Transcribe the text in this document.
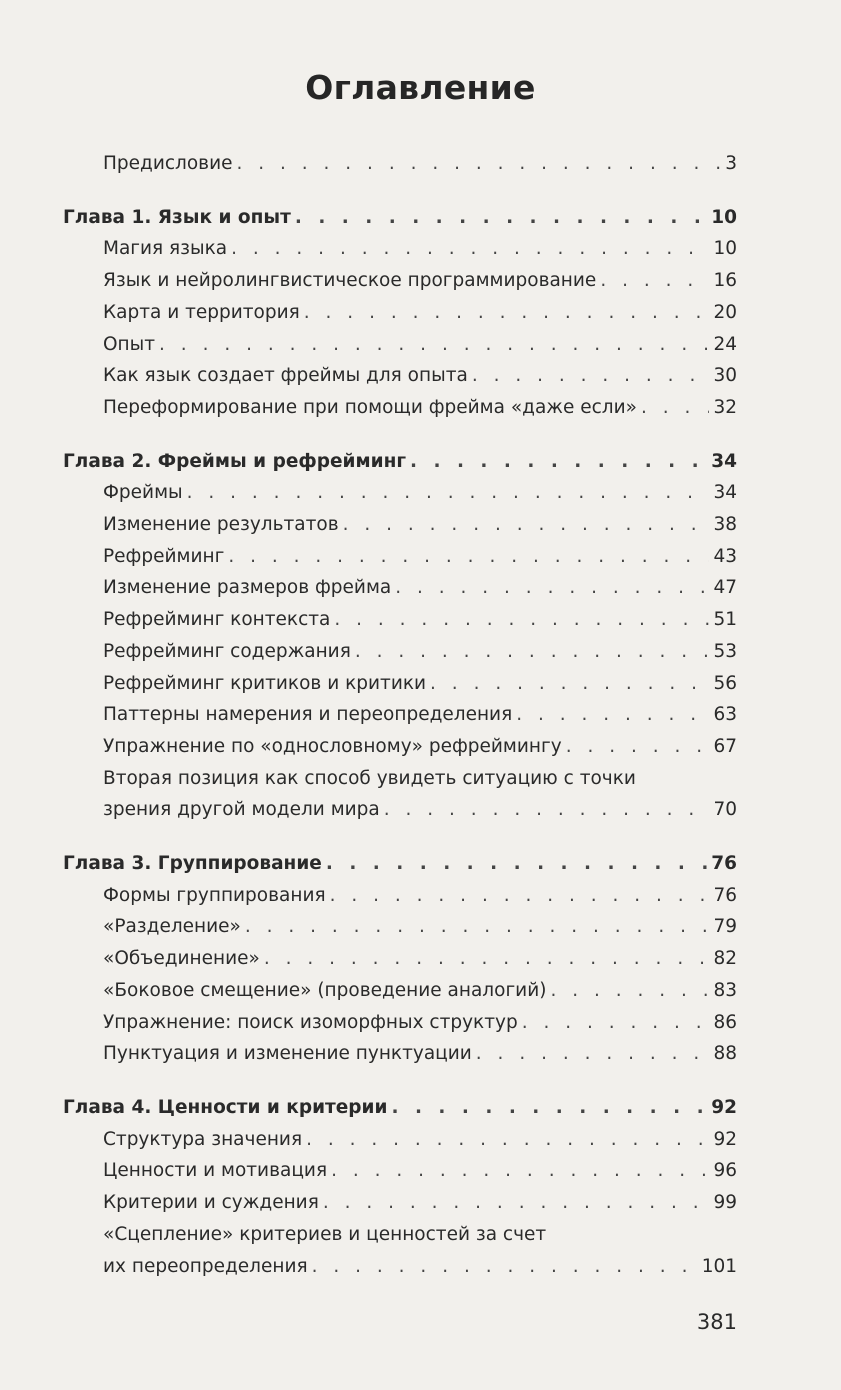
Оглавление
Предисловие . . .	3
Глава 1. Язык и опыт . . .	10
Магия языка . . .	10
Язык и нейролингвистическое программирование . . .	16
Карта и территория . . .	20
Опыт . . .	24
Как язык создает фреймы для опыта . . .	30
Переформирование при помощи фрейма «даже если» . . .	32
Глава 2. Фреймы и рефрейминг . . .	34
Фреймы . . .	34
Изменение результатов . . .	38
Рефрейминг . . .	43
Изменение размеров фрейма . . .	47
Рефрейминг контекста . . .	51
Рефрейминг содержания . . .	53
Рефрейминг критиков и критики . . .	56
Паттерны намерения и переопределения . . .	63
Упражнение по «однословному» рефреймингу . . .	67
Вторая позиция как способ увидеть ситуацию с точки
зрения другой модели мира . . .	70
Глава 3. Группирование . . .	76
Формы группирования . . .	76
«Разделение» . . .	79
«Объединение» . . .	82
«Боковое смещение» (проведение аналогий) . . .	83
Упражнение: поиск изоморфных структур . . .	86
Пунктуация и изменение пунктуации . . .	88
Глава 4. Ценности и критерии . . .	92
Структура значения . . .	92
Ценности и мотивация . . .	96
Критерии и суждения . . .	99
«Сцепление» критериев и ценностей за счет
их переопределения . . .	101
381
